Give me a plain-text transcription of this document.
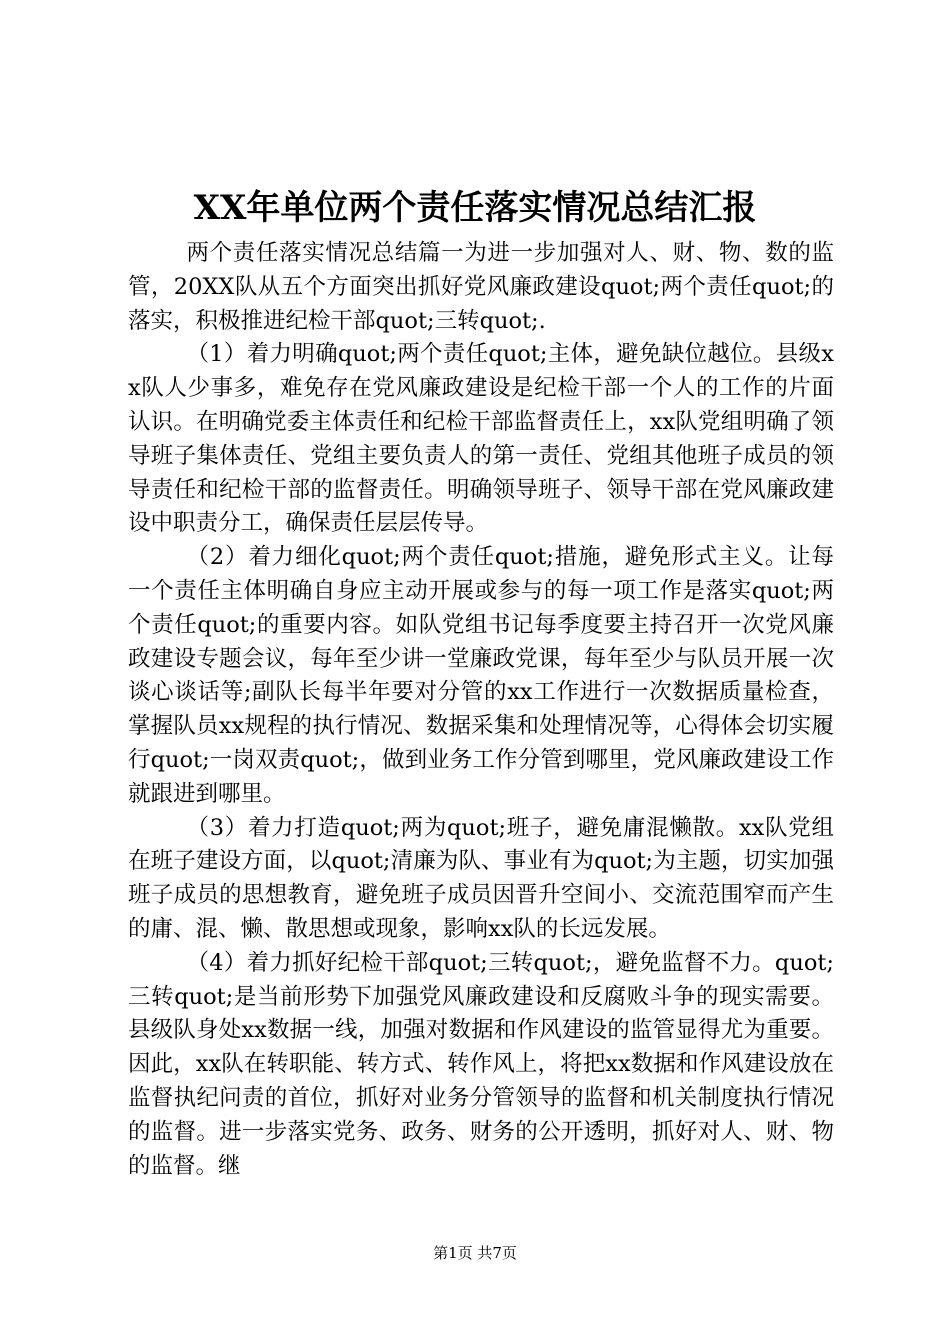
XX年单位两个责任落实情况总结汇报

两个责任落实情况总结篇一为进一步加强对人、财、物、数的监管，20XX队从五个方面突出抓好党风廉政建设quot;两个责任quot;的落实，积极推进纪检干部quot;三转quot;.

（1）着力明确quot;两个责任quot;主体，避免缺位越位。县级xx队人少事多，难免存在党风廉政建设是纪检干部一个人的工作的片面认识。在明确党委主体责任和纪检干部监督责任上，xx队党组明确了领导班子集体责任、党组主要负责人的第一责任、党组其他班子成员的领导责任和纪检干部的监督责任。明确领导班子、领导干部在党风廉政建设中职责分工，确保责任层层传导。

（2）着力细化quot;两个责任quot;措施，避免形式主义。让每一个责任主体明确自身应主动开展或参与的每一项工作是落实quot;两个责任quot;的重要内容。如队党组书记每季度要主持召开一次党风廉政建设专题会议，每年至少讲一堂廉政党课，每年至少与队员开展一次谈心谈话等;副队长每半年要对分管的xx工作进行一次数据质量检查，掌握队员xx规程的执行情况、数据采集和处理情况等，心得体会切实履行quot;一岗双责quot;，做到业务工作分管到哪里，党风廉政建设工作就跟进到哪里。

（3）着力打造quot;两为quot;班子，避免庸混懒散。xx队党组在班子建设方面，以quot;清廉为队、事业有为quot;为主题，切实加强班子成员的思想教育，避免班子成员因晋升空间小、交流范围窄而产生的庸、混、懒、散思想或现象，影响xx队的长远发展。

（4）着力抓好纪检干部quot;三转quot;，避免监督不力。quot;三转quot;是当前形势下加强党风廉政建设和反腐败斗争的现实需要。县级队身处xx数据一线，加强对数据和作风建设的监管显得尤为重要。因此，xx队在转职能、转方式、转作风上，将把xx数据和作风建设放在监督执纪问责的首位，抓好对业务分管领导的监督和机关制度执行情况的监督。进一步落实党务、政务、财务的公开透明，抓好对人、财、物的监督。继

第1页 共7页
